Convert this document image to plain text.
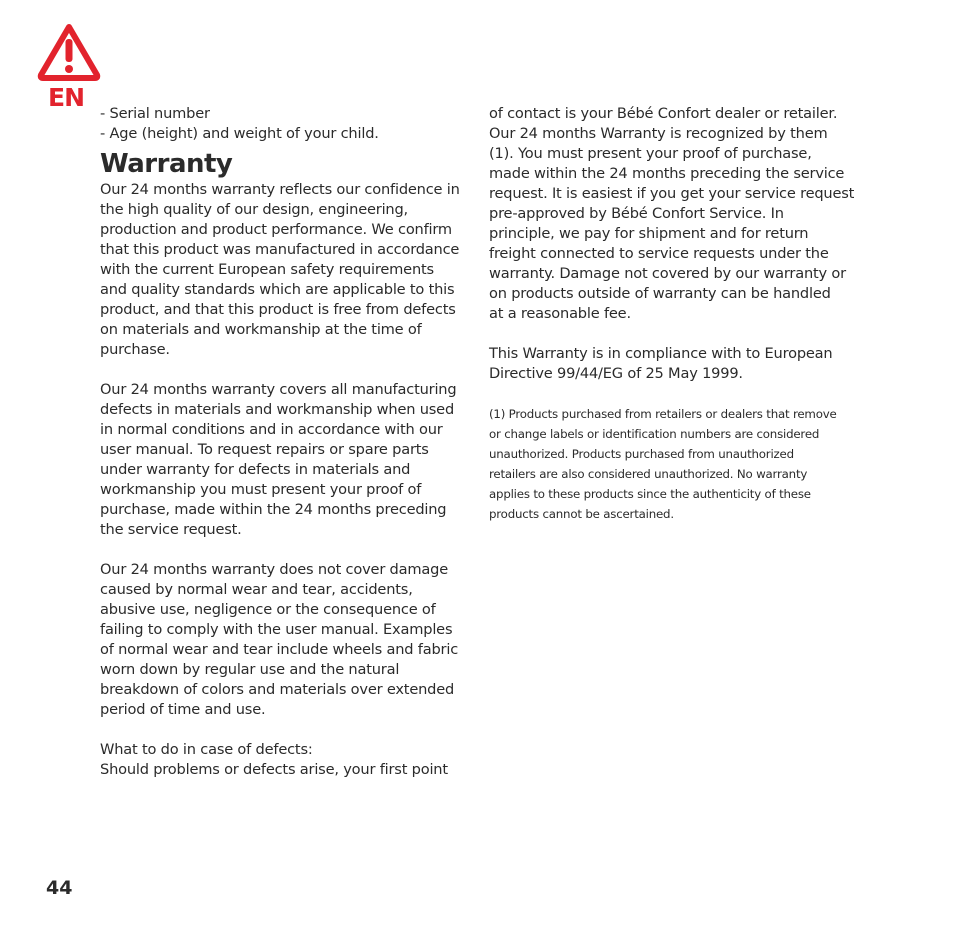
EN
- Serial number
- Age (height) and weight of your child.
Warranty
Our 24 months warranty reflects our confidence in
the high quality of our design, engineering,
production and product performance. We confirm
that this product was manufactured in accordance
with the current European safety requirements
and quality standards which are applicable to this
product, and that this product is free from defects
on materials and workmanship at the time of
purchase.
Our 24 months warranty covers all manufacturing
defects in materials and workmanship when used
in normal conditions and in accordance with our
user manual. To request repairs or spare parts
under warranty for defects in materials and
workmanship you must present your proof of
purchase, made within the 24 months preceding
the service request.
Our 24 months warranty does not cover damage
caused by normal wear and tear, accidents,
abusive use, negligence or the consequence of
failing to comply with the user manual. Examples
of normal wear and tear include wheels and fabric
worn down by regular use and the natural
breakdown of colors and materials over extended
period of time and use.
What to do in case of defects:
Should problems or defects arise, your first point
of contact is your Bébé Confort dealer or retailer.
Our 24 months Warranty is recognized by them
(1). You must present your proof of purchase,
made within the 24 months preceding the service
request. It is easiest if you get your service request
pre-approved by Bébé Confort Service. In
principle, we pay for shipment and for return
freight connected to service requests under the
warranty. Damage not covered by our warranty or
on products outside of warranty can be handled
at a reasonable fee.
This Warranty is in compliance with to European
Directive 99/44/EG of 25 May 1999.
(1) Products purchased from retailers or dealers that remove
or change labels or identification numbers are considered
unauthorized. Products purchased from unauthorized
retailers are also considered unauthorized. No warranty
applies to these products since the authenticity of these
products cannot be ascertained.
44
